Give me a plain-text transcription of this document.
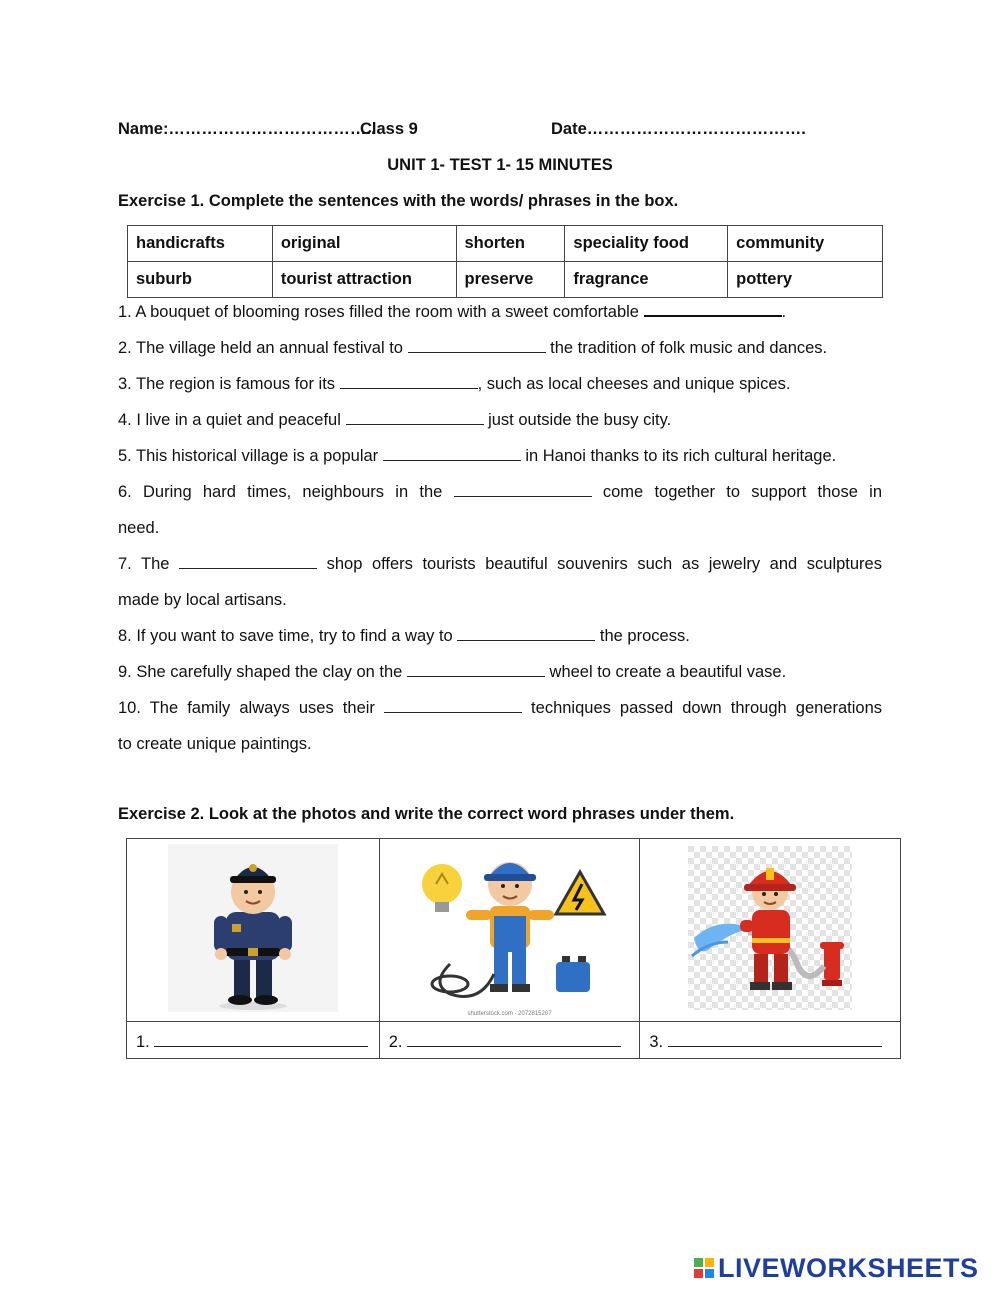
Name:………………………………..
Class 9	Date………………………………….
UNIT 1- TEST 1- 15 MINUTES
Exercise 1. Complete the sentences with the words/ phrases in the box.
handicrafts	original	shorten	speciality food	community
suburb	tourist attraction	preserve	fragrance	pottery
1. A bouquet of blooming roses filled the room with a sweet comfortable	.
2. The village held an annual festival to	the tradition of folk music and dances.
3. The region is famous for its	, such as local cheeses and unique spices.
4. I live in a quiet and peaceful	just outside the busy city.
5. This historical village is a popular	in Hanoi thanks to its rich cultural heritage.
6. During hard times, neighbours in the	come together to support those in
need.
7. The	shop offers tourists beautiful souvenirs such as jewelry and sculptures
made by local artisans.
8. If you want to save time, try to find a way to	the process.
9. She carefully shaped the clay on the	wheel to create a beautiful vase.
10. The family always uses their	techniques passed down through generations
to create unique paintings.
Exercise 2. Look at the photos and write the correct word phrases under them.

shutterstock.com · 2072815207

1.	2.	3.
LIVEWORKSHEETS
